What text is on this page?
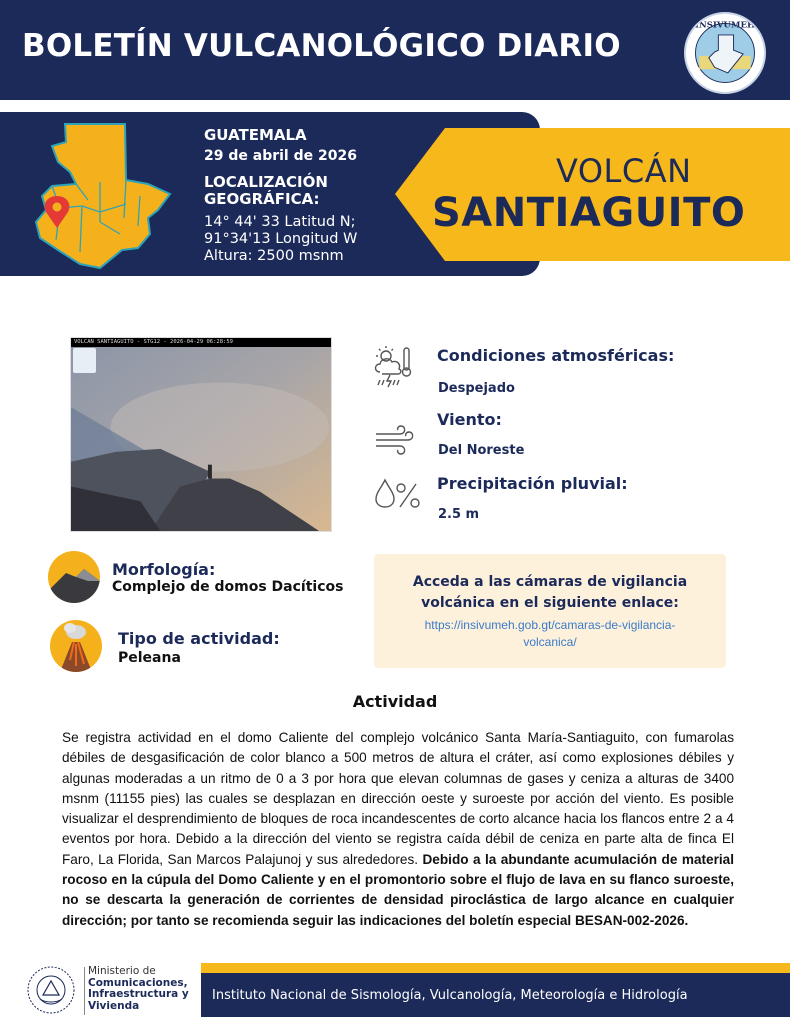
BOLETÍN VULCANOLÓGICO DIARIO
INSIVUMEH
GUATEMALA
29 de abril de 2026
LOCALIZACIÓN
GEOGRÁFICA:
14° 44' 33 Latitud N;
91°34'13 Longitud W
Altura: 2500 msnm
VOLCÁN
SANTIAGUITO
VOLCAN SANTIAGUITO - STG12 - 2026-04-29 06:28:59
Condiciones atmosféricas:
Despejado
Viento:
Del Noreste
Precipitación pluvial:
2.5 m
Morfología:
Complejo de domos Dacíticos
Tipo de actividad:
Peleana
Acceda a las cámaras de vigilancia volcánica en el siguiente enlace:
https://insivumeh.gob.gt/camaras-de-vigilancia-volcanica/
Actividad
Se registra actividad en el domo Caliente del complejo volcánico Santa María-Santiaguito, con fumarolas débiles de desgasificación de color blanco a 500 metros de altura el cráter, así como explosiones débiles y algunas moderadas a un ritmo de 0 a 3 por hora que elevan columnas de gases y ceniza a alturas de 3400 msnm (11155 pies) las cuales se desplazan en dirección oeste y suroeste por acción del viento. Es posible visualizar el desprendimiento de bloques de roca incandescentes de corto alcance hacia los flancos entre 2 a 4 eventos por hora. Debido a la dirección del viento se registra caída débil de ceniza en parte alta de finca El Faro, La Florida, San Marcos Palajunoj y sus alrededores. Debido a la abundante acumulación de material rocoso en la cúpula del Domo Caliente y en el promontorio sobre el flujo de lava en su flanco suroeste, no se descarta la generación de corrientes de densidad piroclástica de largo alcance en cualquier dirección; por tanto se recomienda seguir las indicaciones del boletín especial BESAN-002-2026.
Ministerio de
Comunicaciones,
Infraestructura y
Vivienda
Instituto Nacional de Sismología, Vulcanología, Meteorología e Hidrología
